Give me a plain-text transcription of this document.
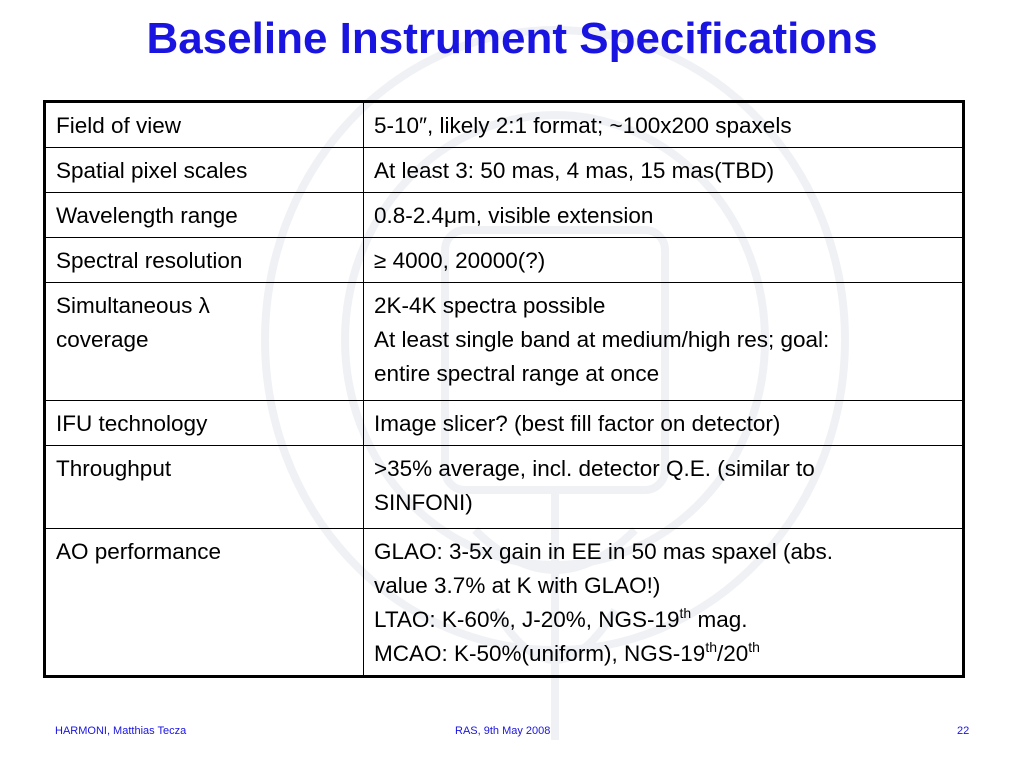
Baseline Instrument Specifications
Field of view	5-10″, likely 2:1 format; ~100x200 spaxels
Spatial pixel scales	At least 3: 50 mas, 4 mas, 15 mas(TBD)
Wavelength range	0.8-2.4μm, visible extension
Spectral resolution	≥ 4000, 20000(?)
Simultaneous λ
coverage	2K-4K spectra possible
At least single band at medium/high res; goal:
entire spectral range at once
IFU technology	Image slicer? (best fill factor on detector)
Throughput	>35% average, incl. detector Q.E. (similar to
SINFONI)
AO performance	GLAO: 3-5x gain in EE in 50 mas spaxel (abs.
value 3.7% at K with GLAO!)
LTAO: K-60%, J-20%, NGS-19th mag.
MCAO: K-50%(uniform), NGS-19th/20th
HARMONI, Matthias Tecza	RAS, 9th May 2008	22
